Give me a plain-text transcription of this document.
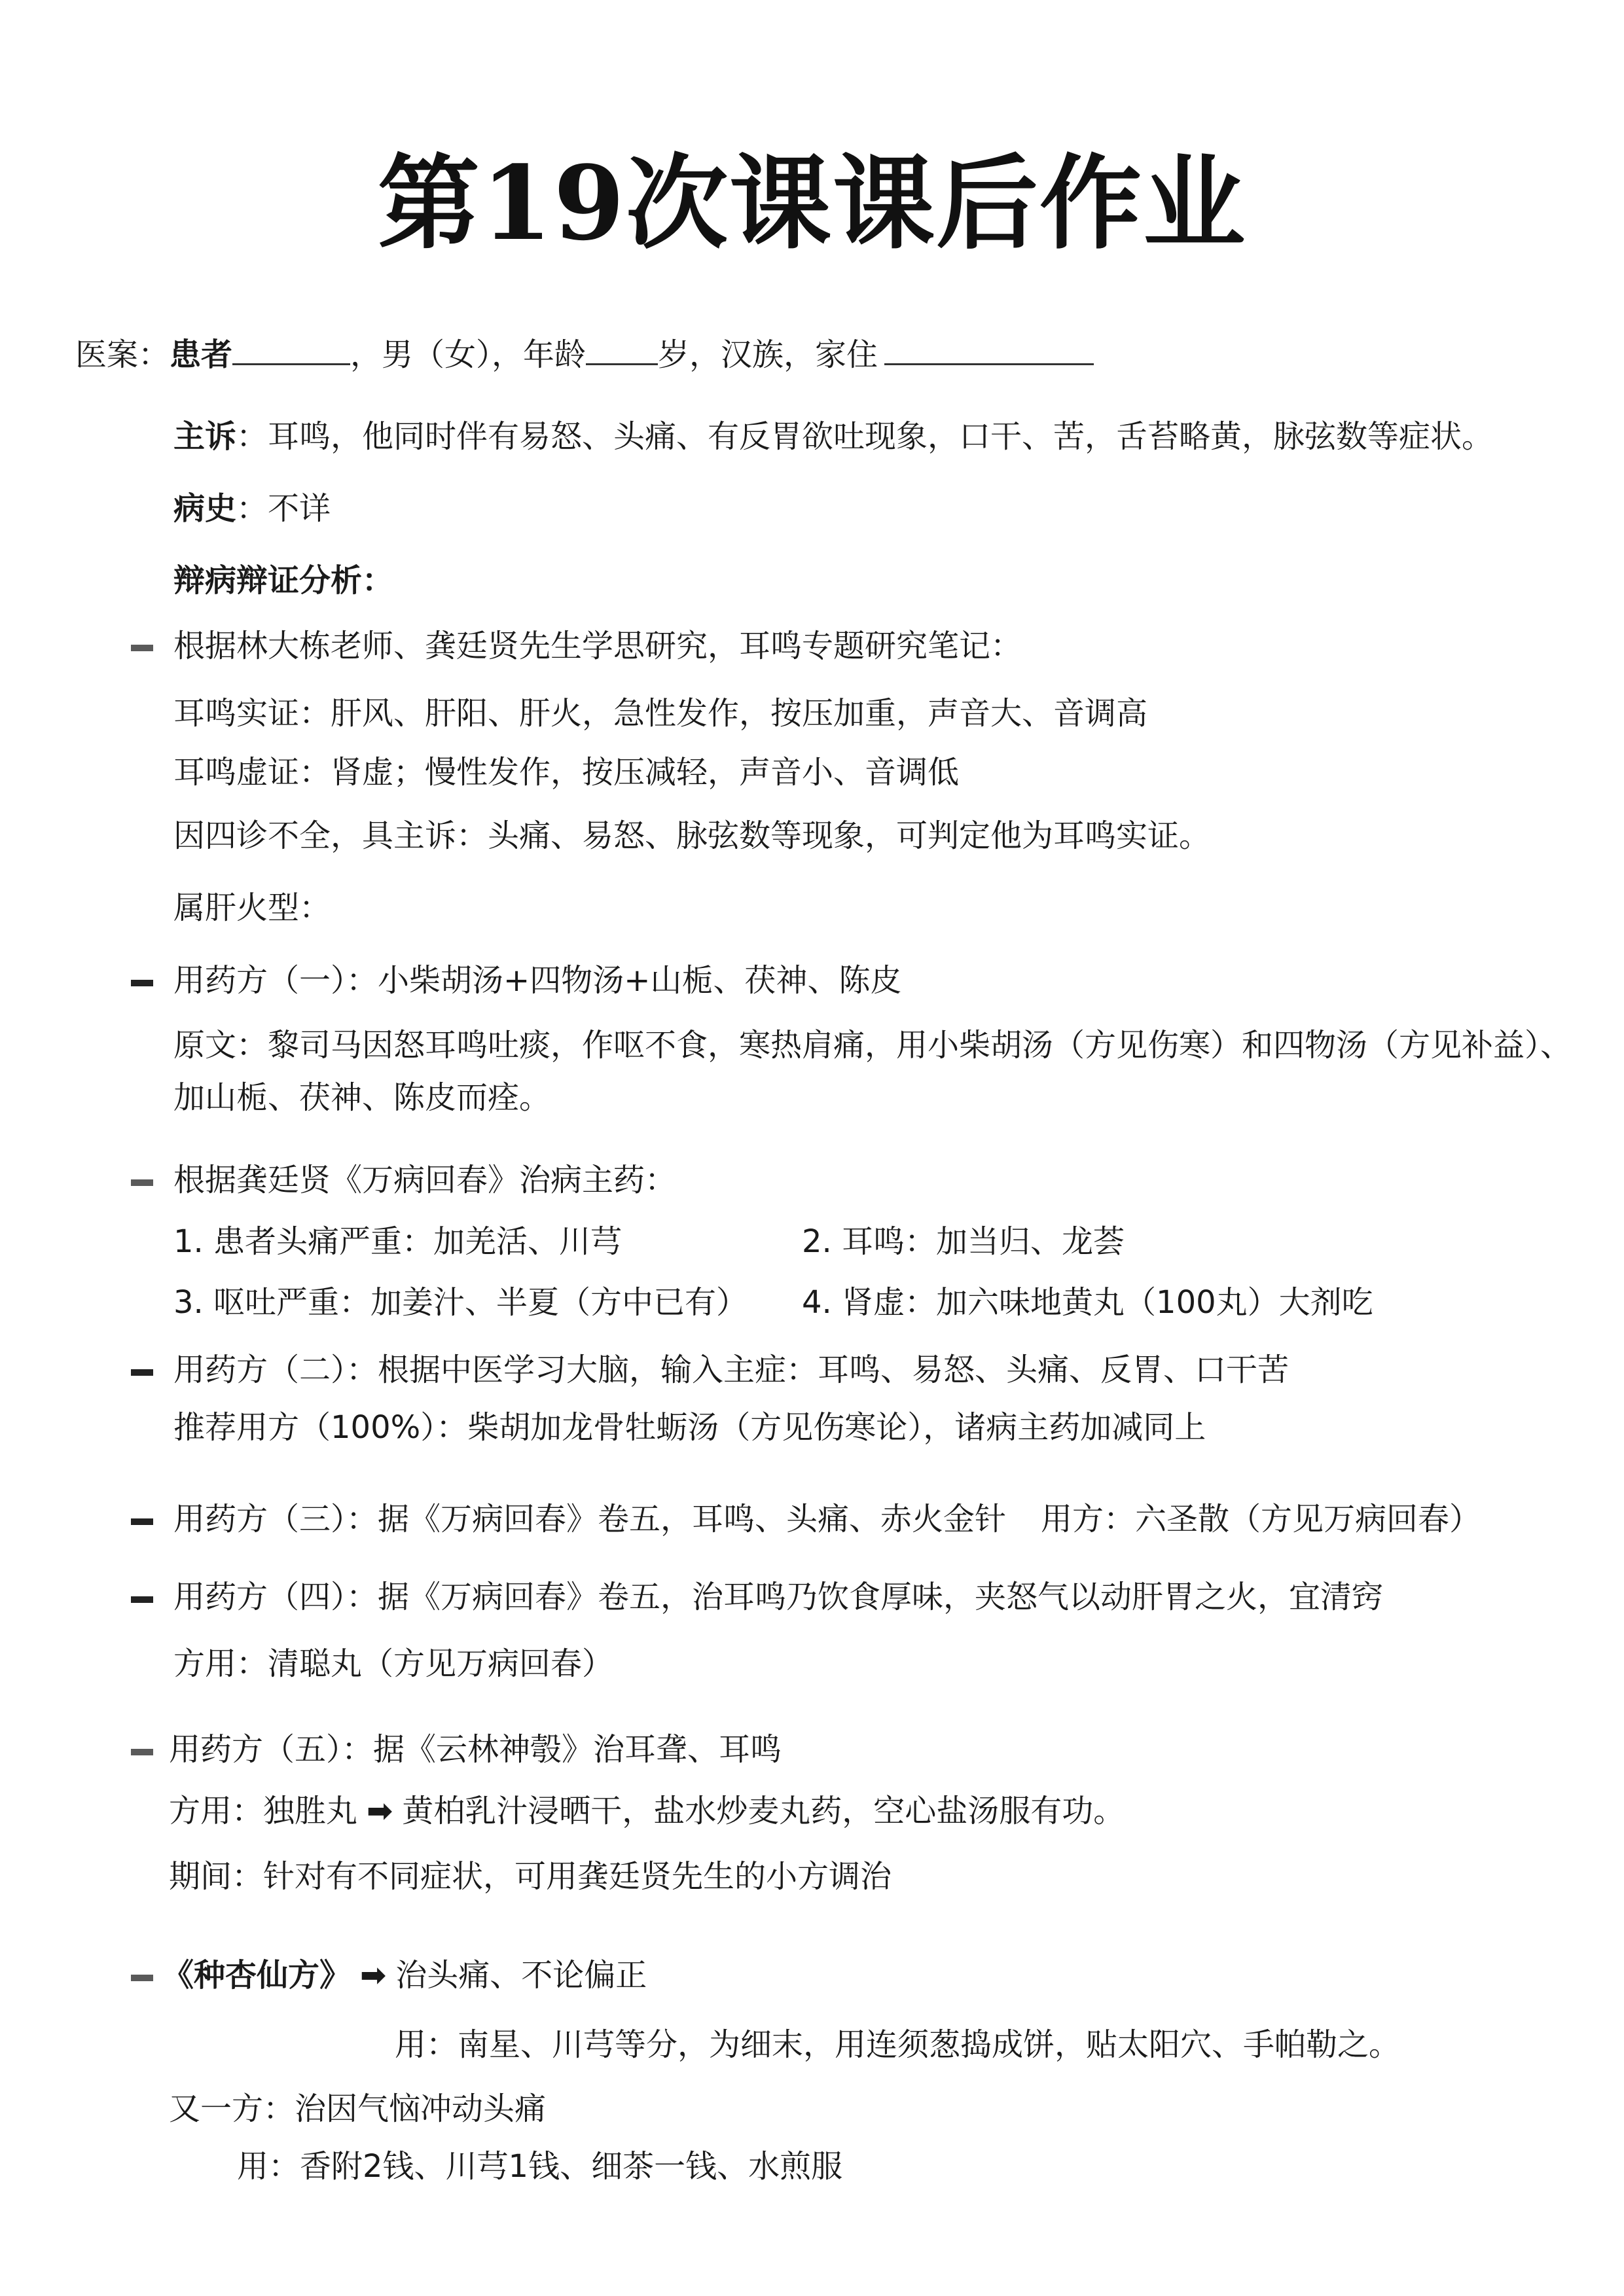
第19次课课后作业
医案：患者	，男（女），年龄 岁，汉族，家住
主诉：耳鸣，他同时伴有易怒、头痛、有反胃欲吐现象，口干、苦，舌苔略黄，脉弦数等症状。
病史：不详
辩病辩证分析：
根据林大栋老师、龚廷贤先生学思研究，耳鸣专题研究笔记：
耳鸣实证：肝风、肝阳、肝火，急性发作，按压加重，声音大、音调高
耳鸣虚证：肾虚；慢性发作，按压减轻，声音小、音调低
因四诊不全，具主诉：头痛、易怒、脉弦数等现象，可判定他为耳鸣实证。
属肝火型：
用药方（一）：小柴胡汤+四物汤+山栀、茯神、陈皮
原文：黎司马因怒耳鸣吐痰，作呕不食，寒热肩痛，用小柴胡汤（方见伤寒）和四物汤（方见补益）、
加山栀、茯神、陈皮而痊。
根据龚廷贤《万病回春》治病主药：
1. 患者头痛严重：加羌活、川芎	2. 耳鸣：加当归、龙荟
3. 呕吐严重：加姜汁、半夏（方中已有） 4. 肾虚：加六味地黄丸（100丸）大剂吃
用药方（二）：根据中医学习大脑，输入主症：耳鸣、易怒、头痛、反胃、口干苦
推荐用方（100%）：柴胡加龙骨牡蛎汤（方见伤寒论），诸病主药加减同上
用药方（三）：据《万病回春》卷五，耳鸣、头痛、赤火金针 用方：六圣散（方见万病回春）
用药方（四）：据《万病回春》卷五，治耳鸣乃饮食厚味，夹怒气以动肝胃之火，宜清窍
方用：清聪丸（方见万病回春）
用药方（五）：据《云林神彀》治耳聋、耳鸣
方用：独胜丸 ➡ 黄柏乳汁浸晒干，盐水炒麦丸药，空心盐汤服有功。
期间：针对有不同症状，可用龚廷贤先生的小方调治
《种杏仙方》 ➡ 治头痛、不论偏正
用：南星、川芎等分，为细末，用连须葱捣成饼，贴太阳穴、手帕勒之。
又一方：治因气恼冲动头痛
用：香附2钱、川芎1钱、细茶一钱、水煎服
